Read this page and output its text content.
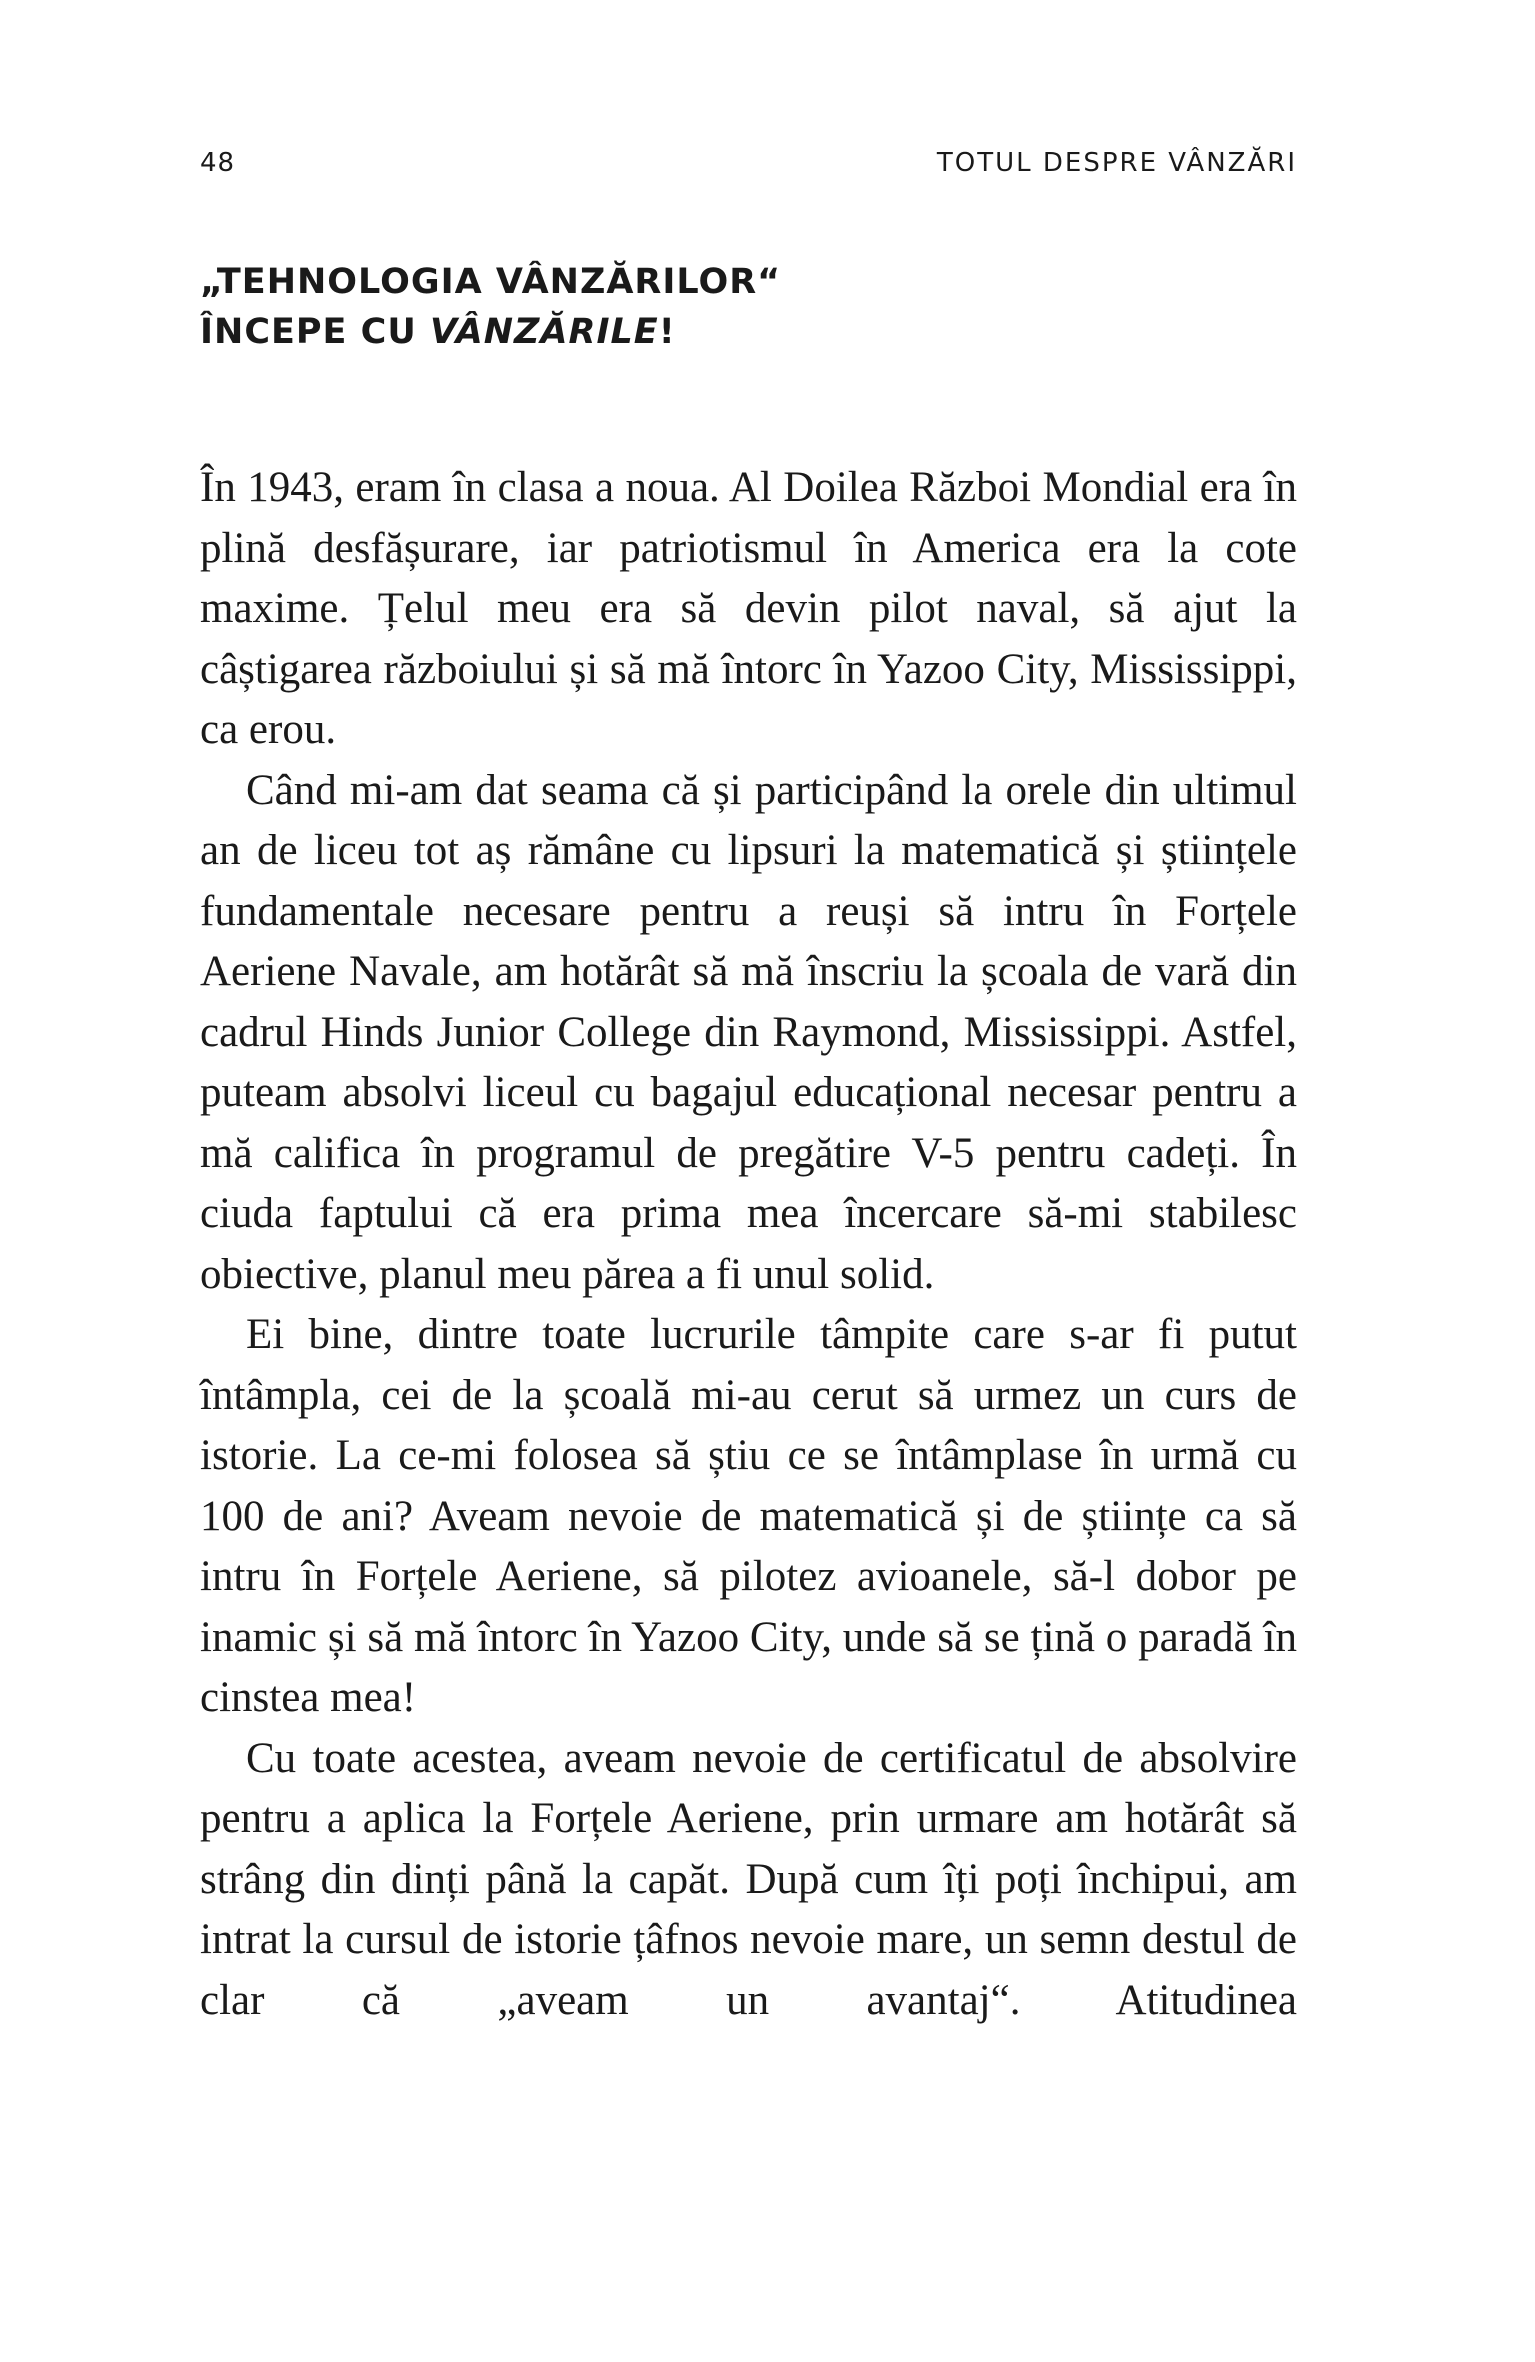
48	TOTUL DESPRE VÂNZĂRI
„TEHNOLOGIA VÂNZĂRILOR“
ÎNCEPE CU VÂNZĂRILE!

În 1943, eram în clasa a noua. Al Doilea Război Mondial era în plină desfășurare, iar patriotismul în America era la cote maxime. Țelul meu era să devin pilot naval, să ajut la câștigarea războiului și să mă întorc în Yazoo City, Mississippi, ca erou.

Când mi-am dat seama că și participând la orele din ultimul an de liceu tot aș rămâne cu lipsuri la matematică și științele fundamentale necesare pentru a reuși să intru în Forțele Aeriene Navale, am hotărât să mă înscriu la școala de vară din cadrul Hinds Junior College din Raymond, Mississippi. Astfel, puteam absolvi liceul cu bagajul educațional necesar pentru a mă califica în programul de pregătire V-5 pentru cadeți. În ciuda faptului că era prima mea încercare să-mi stabilesc obiective, planul meu părea a fi unul solid.

Ei bine, dintre toate lucrurile tâmpite care s-ar fi putut întâmpla, cei de la școală mi-au cerut să urmez un curs de istorie. La ce-mi folosea să știu ce se întâmplase în urmă cu 100 de ani? Aveam nevoie de matematică și de științe ca să intru în Forțele Aeriene, să pilotez avioanele, să-l dobor pe inamic și să mă întorc în Yazoo City, unde să se țină o paradă în cinstea mea!

Cu toate acestea, aveam nevoie de certificatul de absolvire pentru a aplica la Forțele Aeriene, prin urmare am hotărât să strâng din dinți până la capăt. După cum îți poți închipui, am intrat la cursul de istorie țâfnos nevoie mare, un semn destul de clar că „aveam un avantaj“. Atitudinea
